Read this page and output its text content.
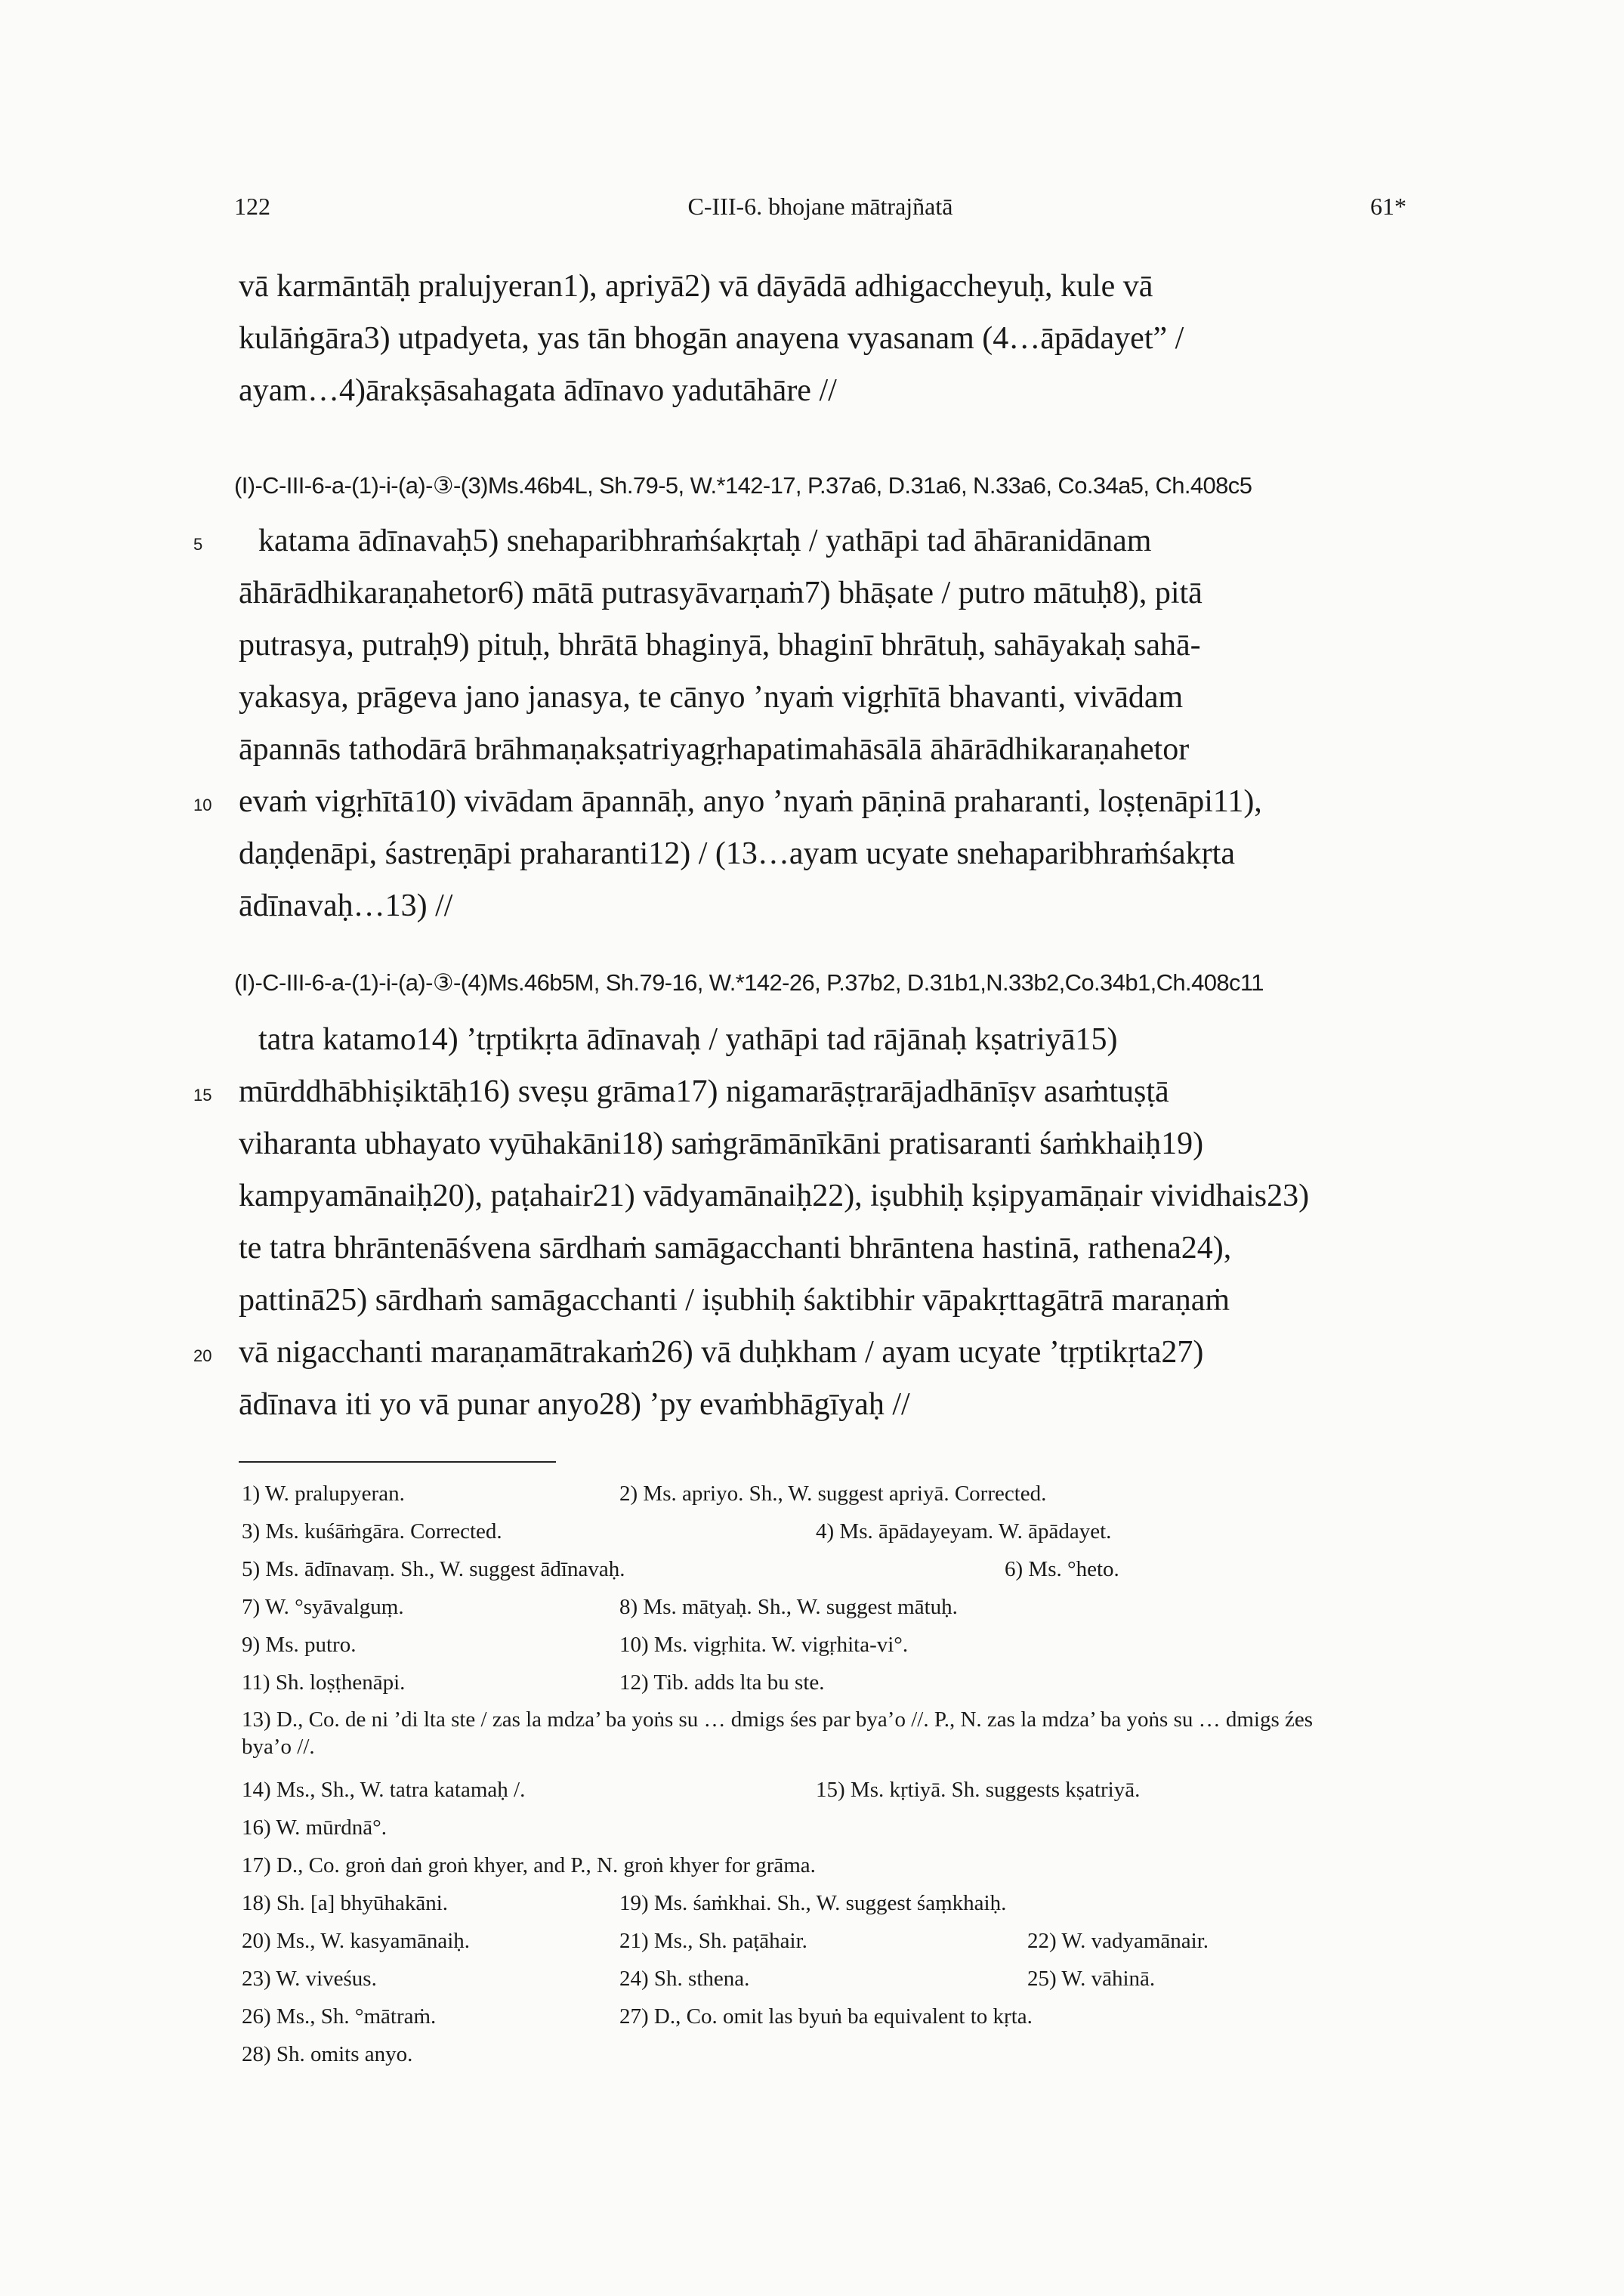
122	C-III-6. bhojane mātrajñatā	61*
vā karmāntāḥ pralujyeran1), apriyā2) vā dāyādā adhigaccheyuḥ, kule vā
kulāṅgāra3) utpadyeta, yas tān bhogān anayena vyasanam (4…āpādayet” /
ayam…4)ārakṣāsahagata ādīnavo yadutāhāre //
(I)-C-III-6-a-(1)-i-(a)-③-(3)Ms.46b4L, Sh.79-5, W.*142-17, P.37a6, D.31a6, N.33a6, Co.34a5, Ch.408c5
5 katama ādīnavaḥ5) snehaparibhraṁśakṛtaḥ / yathāpi tad āhāranidānam
āhārādhikaraṇahetor6) mātā putrasyāvarṇaṁ7) bhāṣate / putro mātuḥ8), pitā
putrasya, putraḥ9) pituḥ, bhrātā bhaginyā, bhaginī bhrātuḥ, sahāyakaḥ sahā-
yakasya, prāgeva jano janasya, te cānyo ’nyaṁ vigṛhītā bhavanti, vivādam
āpannās tathodārā brāhmaṇakṣatriyagṛhapatimahāsālā āhārādhikaraṇahetor
10 evaṁ vigṛhītā10) vivādam āpannāḥ, anyo ’nyaṁ pāṇinā praharanti, loṣṭenāpi11),
daṇḍenāpi, śastreṇāpi praharanti12) / (13…ayam ucyate snehaparibhraṁśakṛta
ādīnavaḥ…13) //
(I)-C-III-6-a-(1)-i-(a)-③-(4)Ms.46b5M, Sh.79-16, W.*142-26, P.37b2, D.31b1,N.33b2,Co.34b1,Ch.408c11
tatra katamo14) ’tṛptikṛta ādīnavaḥ / yathāpi tad rājānaḥ kṣatriyā15)
15 mūrddhābhiṣiktāḥ16) sveṣu grāma17) nigamarāṣṭrarājadhānīṣv asaṁtuṣṭā
viharanta ubhayato vyūhakāni18) saṁgrāmānīkāni pratisaranti śaṁkhaiḥ19)
kampyamānaiḥ20), paṭahair21) vādyamānaiḥ22), iṣubhiḥ kṣipyamāṇair vividhais23)
te tatra bhrāntenāśvena sārdhaṁ samāgacchanti bhrāntena hastinā, rathena24),
pattinā25) sārdhaṁ samāgacchanti / iṣubhiḥ śaktibhir vāpakṛttagātrā maraṇaṁ
20 vā nigacchanti maraṇamātrakaṁ26) vā duḥkham / ayam ucyate ’tṛptikṛta27)
ādīnava iti yo vā punar anyo28) ’py evaṁbhāgīyaḥ //
1) W. pralupyeran.	2) Ms. apriyo. Sh., W. suggest apriyā. Corrected.
3) Ms. kuśāṁgāra. Corrected.	4) Ms. āpādayeyam. W. āpādayet.
5) Ms. ādīnavaṃ. Sh., W. suggest ādīnavaḥ.	6) Ms. °heto.
7) W. °syāvalguṃ.	8) Ms. mātyaḥ. Sh., W. suggest mātuḥ.
9) Ms. putro.	10) Ms. vigṛhita. W. vigṛhita-vi°.
11) Sh. loṣṭhenāpi.	12) Tib. adds lta bu ste.
13) D., Co. de ni ’di lta ste / zas la mdza’ ba yoṅs su … dmigs śes par bya’o //. P., N. zas la mdza’ ba yoṅs su … dmigs źes bya’o //.
14) Ms., Sh., W. tatra katamaḥ /.	15) Ms. kṛtiyā. Sh. suggests kṣatriyā.
16) W. mūrdnā°.
17) D., Co. groṅ daṅ groṅ khyer, and P., N. groṅ khyer for grāma.
18) Sh. [a] bhyūhakāni.	19) Ms. śaṁkhai. Sh., W. suggest śaṃkhaiḥ.
20) Ms., W. kasyamānaiḥ.	21) Ms., Sh. paṭāhair.	22) W. vadyamānair.
23) W. viveśus.	24) Sh. sthena.	25) W. vāhinā.
26) Ms., Sh. °mātraṁ.	27) D., Co. omit las byuṅ ba equivalent to kṛta.
28) Sh. omits anyo.
